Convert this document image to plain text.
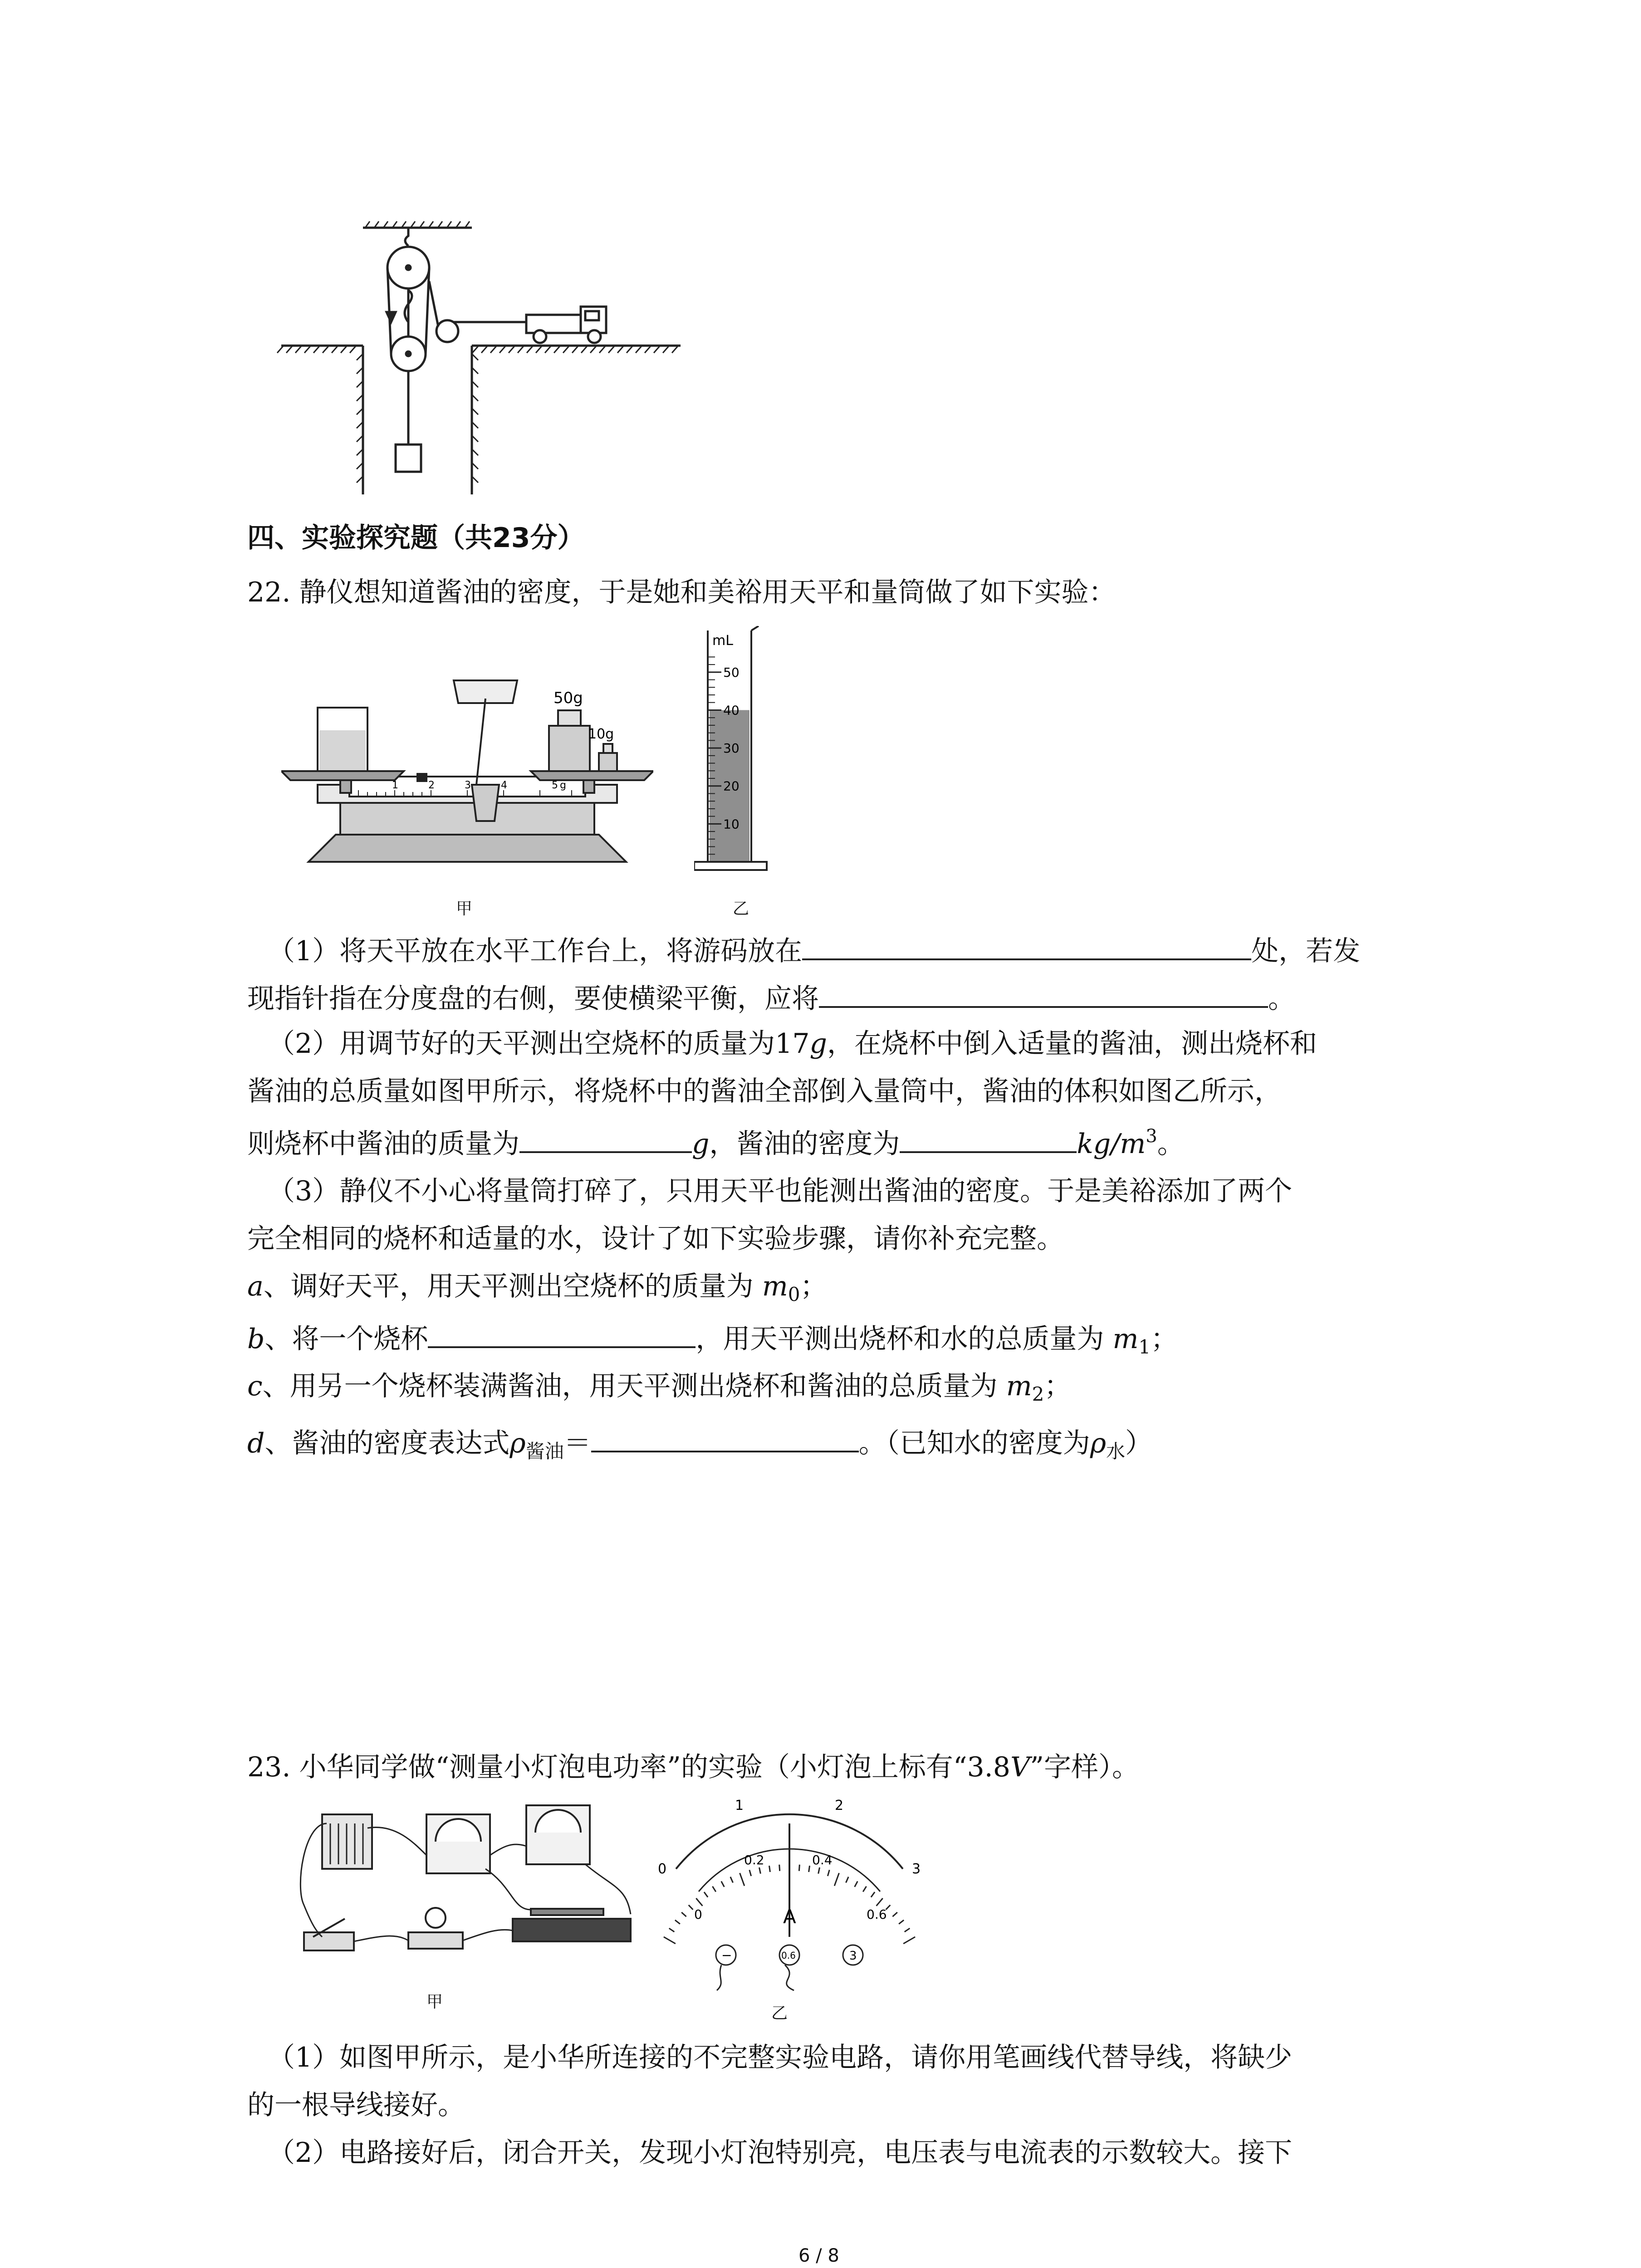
四、实验探究题（共23分）
22. 静仪想知道酱油的密度，于是她和美裕用天平和量筒做了如下实验：
1	2	3	4	5 g
50g
10g
mL
50
40
30
20
10
甲	乙
（1）将天平放在水平工作台上，将游码放在	处，若发
现指针指在分度盘的右侧，要使横梁平衡，应将	。
（2）用调节好的天平测出空烧杯的质量为17g，在烧杯中倒入适量的酱油，测出烧杯和
酱油的总质量如图甲所示，将烧杯中的酱油全部倒入量筒中，酱油的体积如图乙所示，
则烧杯中酱油的质量为	g，酱油的密度为	$kg/m^3$。
（3）静仪不小心将量筒打碎了，只用天平也能测出酱油的密度。于是美裕添加了两个
完全相同的烧杯和适量的水，设计了如下实验步骤，请你补充完整。
a、调好天平，用天平测出空烧杯的质量为 $m_0$；
b、将一个烧杯	，用天平测出烧杯和水的总质量为 $m_1$；
c、用另一个烧杯装满酱油，用天平测出烧杯和酱油的总质量为 $m_2$；
d、酱油的密度表达式$\rho_{酱油}=$	。（已知水的密度为$\rho_水$）
23. 小华同学做“测量小灯泡电功率”的实验（小灯泡上标有“3.8V”字样）。
0
1	2
3
0
0.2	0.4
0.6
A
−	0.6	3
甲
乙
（1）如图甲所示，是小华所连接的不完整实验电路，请你用笔画线代替导线，将缺少
的一根导线接好。
（2）电路接好后，闭合开关，发现小灯泡特别亮，电压表与电流表的示数较大。接下
6 / 8
